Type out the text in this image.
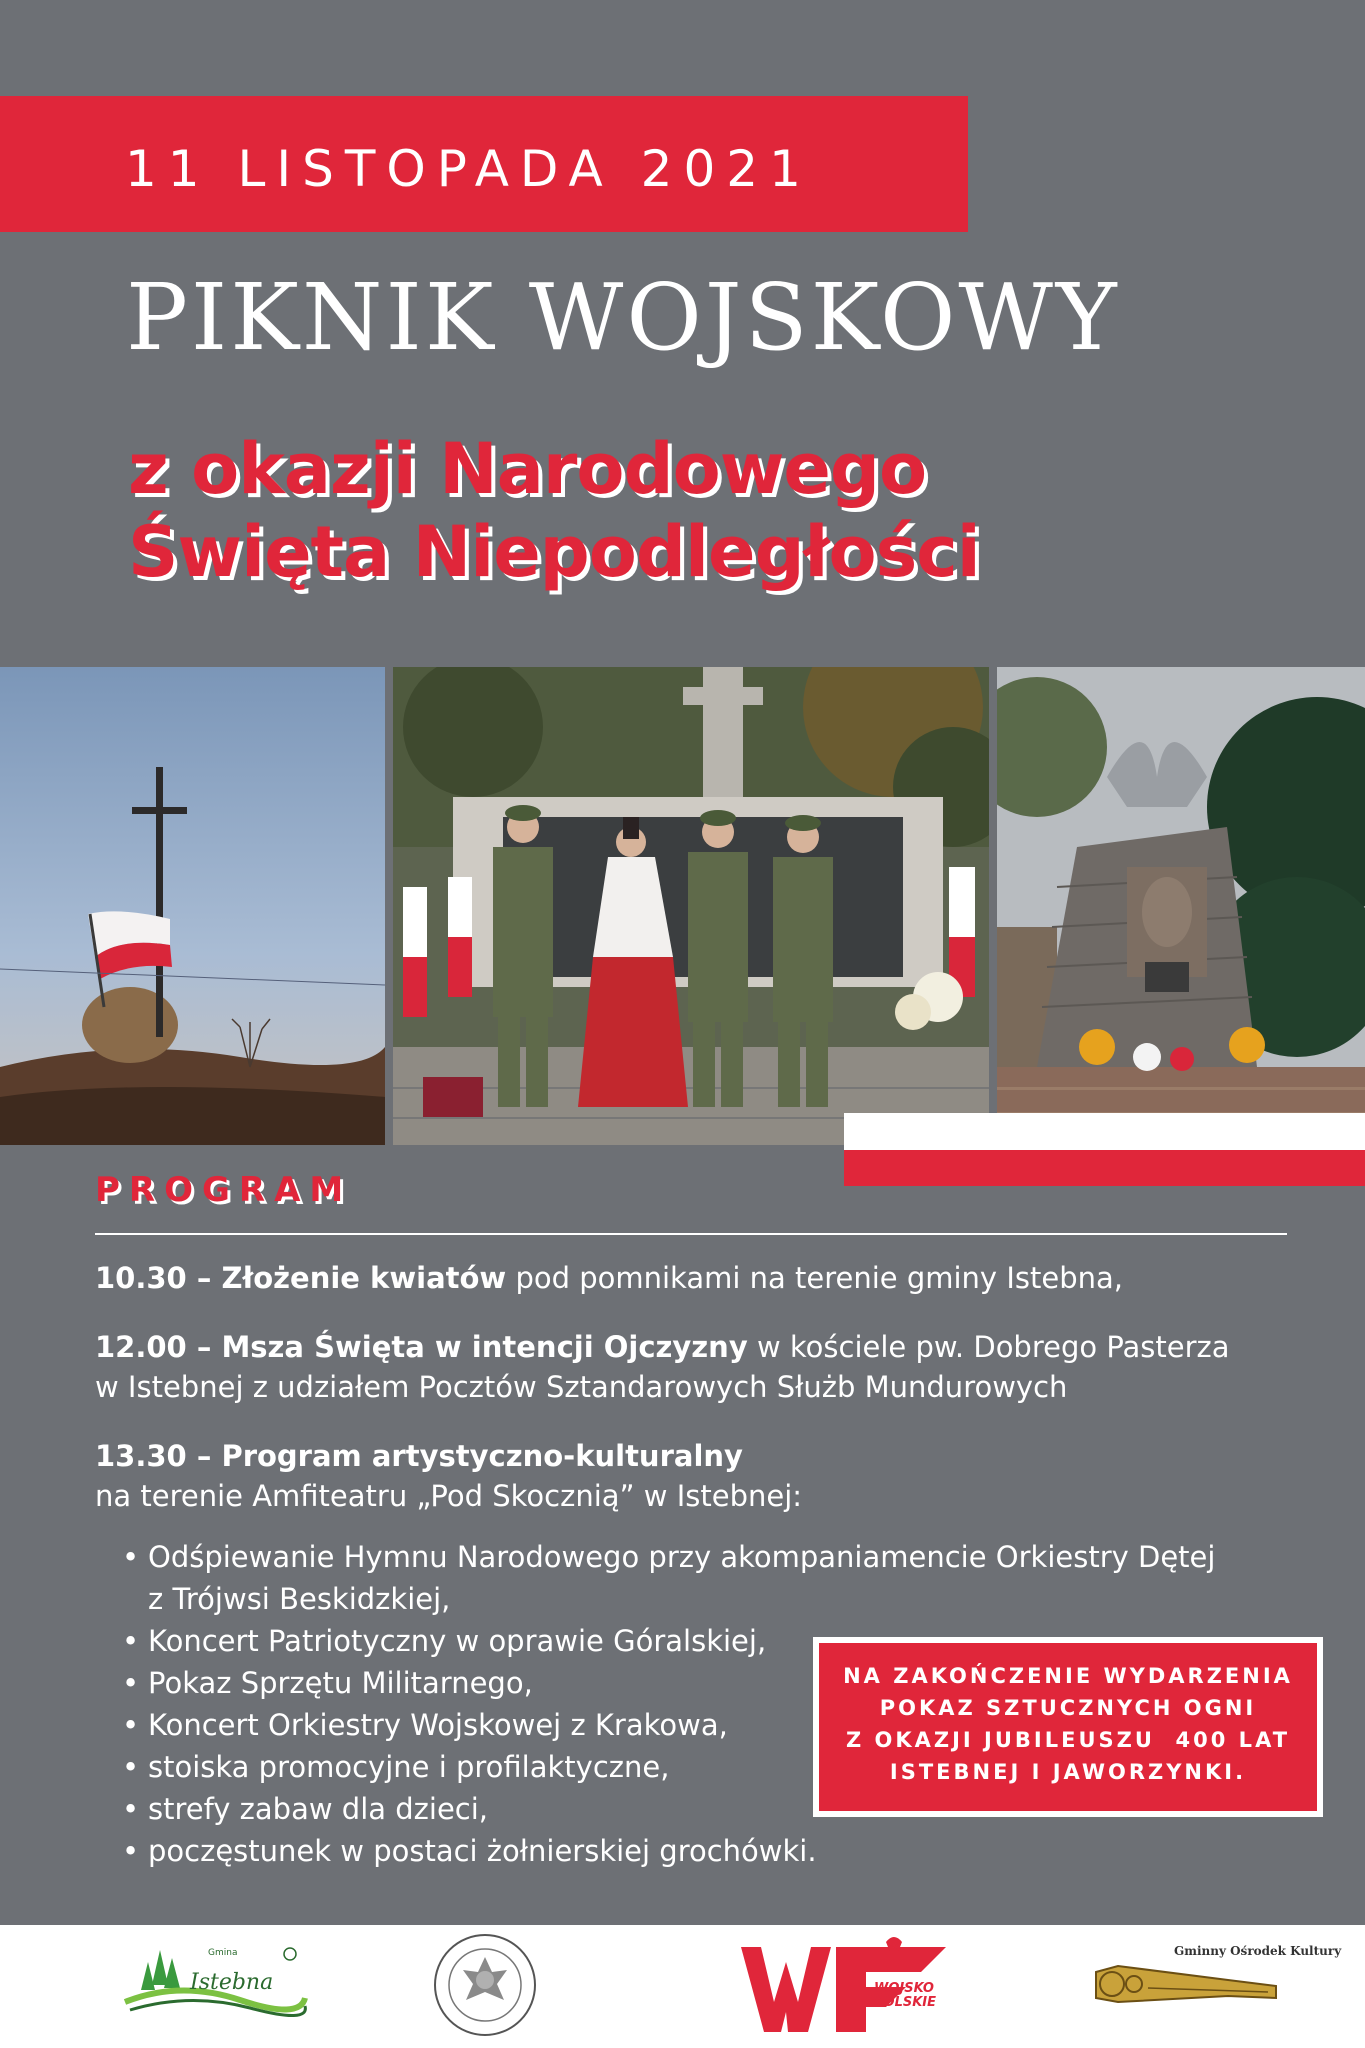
11 LISTOPADA 2021
PIKNIK WOJSKOWY
z okazji Narodowego
Święta Niepodległości
PROGRAM
10.30 – Złożenie kwiatów pod pomnikami na terenie gminy Istebna,
12.00 – Msza Święta w intencji Ojczyzny w kościele pw. Dobrego Pasterza
w Istebnej z udziałem Pocztów Sztandarowych Służb Mundurowych
13.30 – Program artystyczno-kulturalny
na terenie Amfiteatru „Pod Skocznią” w Istebnej:
• Odśpiewanie Hymnu Narodowego przy akompaniamencie Orkiestry Dętej
z Trójwsi Beskidzkiej,
• Koncert Patriotyczny w oprawie Góralskiej,
• Pokaz Sprzętu Militarnego,
• Koncert Orkiestry Wojskowej z Krakowa,
• stoiska promocyjne i profilaktyczne,
• strefy zabaw dla dzieci,
• poczęstunek w postaci żołnierskiej grochówki.
NA ZAKOŃCZENIE WYDARZENIA
POKAZ SZTUCZNYCH OGNI
Z OKAZJI JUBILEUSZU  400 LAT
ISTEBNEJ I JAWORZYNKI.
Gmina
Istebna	WOJSKO
POLSKIE
Gminny Ośrodek Kultury
